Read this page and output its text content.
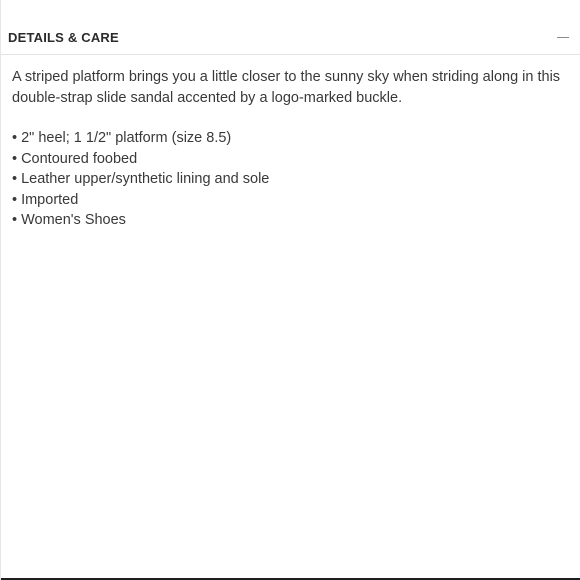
DETAILS & CARE

A striped platform brings you a little closer to the sunny sky when striding along in this double-strap slide sandal accented by a logo-marked buckle.

• 2" heel; 1 1/2" platform (size 8.5)
• Contoured foobed
• Leather upper/synthetic lining and sole
• Imported
• Women's Shoes
